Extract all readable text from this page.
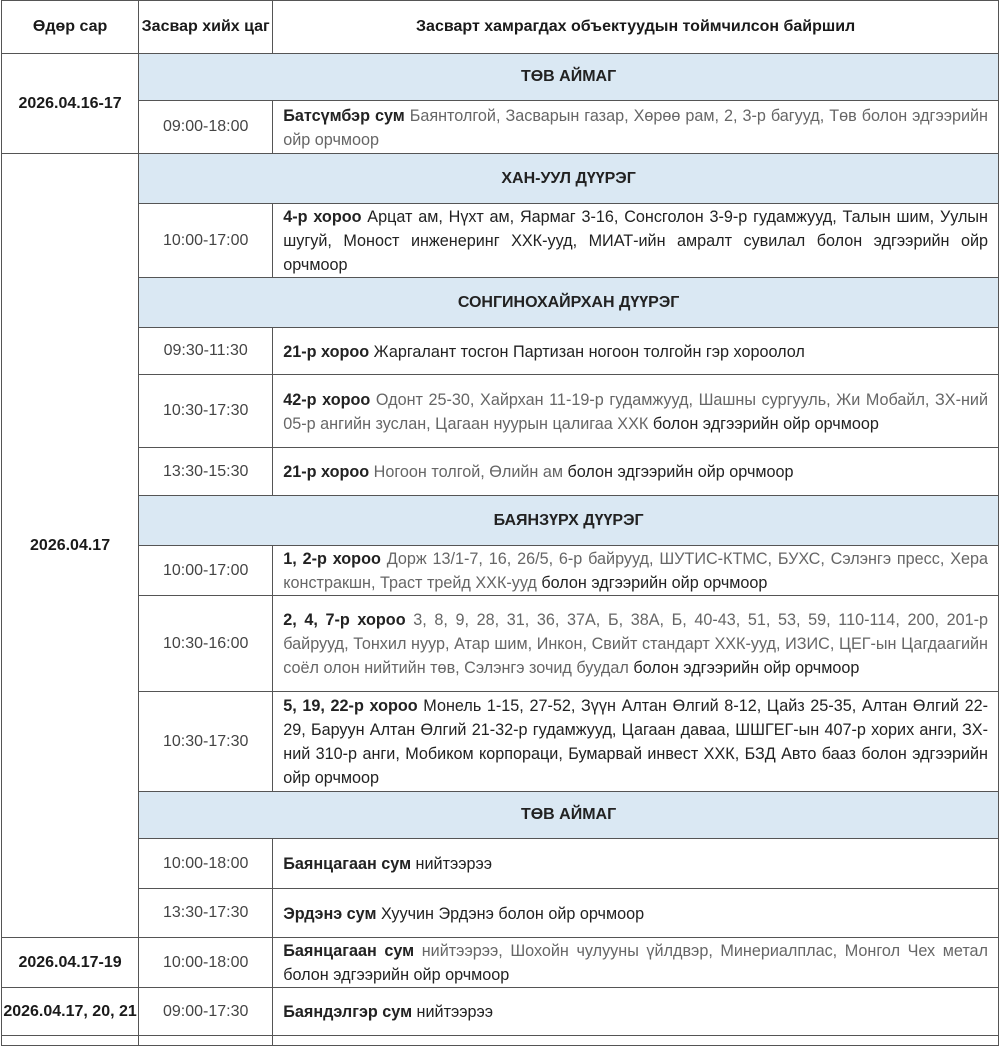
Өдөр сар	Засвар хийх цаг	Засварт хамрагдах объектуудын тоймчилсон байршил
2026.04.16-17	ТӨВ АЙМАГ	
	09:00-18:00	Батсүмбэр сум Баянтолгой, Засварын газар, Хөрөө рам, 2, 3-р багууд, Төв болон эдгээрийн ойр орчмоор
2026.04.17	ХАН-УУЛ ДҮҮРЭГ	
	10:00-17:00	4-р хороо Арцат ам, Нүхт ам, Яармаг 3-16, Сонсголон 3-9-р гудамжууд, Талын шим, Уулын шугуй, Моност инженеринг ХХК-ууд, МИАТ-ийн амралт сувилал болон эдгээрийн ойр орчмоор
	СОНГИНОХАЙРХАН ДҮҮРЭГ	
	09:30-11:30	21-р хороо Жаргалант тосгон Партизан ногоон толгойн гэр хороолол
	10:30-17:30	42-р хороо Одонт 25-30, Хайрхан 11-19-р гудамжууд, Шашны сургууль, Жи Мобайл, ЗХ-ний 05-р ангийн зуслан, Цагаан нуурын цалигаа ХХК болон эдгээрийн ойр орчмоор
	13:30-15:30	21-р хороо Ногоон толгой, Өлийн ам болон эдгээрийн ойр орчмоор
	БАЯНЗҮРХ ДҮҮРЭГ	
	10:00-17:00	1, 2-р хороо Дорж 13/1-7, 16, 26/5, 6-р байрууд, ШУТИС-КТМС, БУХС, Сэлэнгэ пресс, Хера констракшн, Траст трейд ХХК-ууд болон эдгээрийн ойр орчмоор
	10:30-16:00	2, 4, 7-р хороо 3, 8, 9, 28, 31, 36, 37А, Б, 38А, Б, 40-43, 51, 53, 59, 110-114, 200, 201-р байрууд, Тонхил нуур, Атар шим, Инкон, Свийт стандарт ХХК-ууд, ИЗИС, ЦЕГ-ын Цагдаагийн соёл олон нийтийн төв, Сэлэнгэ зочид буудал болон эдгээрийн ойр орчмоор
	10:30-17:30	5, 19, 22-р хороо Монель 1-15, 27-52, Зүүн Алтан Өлгий 8-12, Цайз 25-35, Алтан Өлгий 22-29, Баруун Алтан Өлгий 21-32-р гудамжууд, Цагаан даваа, ШШГЕГ-ын 407-р хорих анги, ЗХ-ний 310-р анги, Мобиком корпораци, Бумарвай инвест ХХК, БЗД Авто бааз болон эдгээрийн ойр орчмоор
	ТӨВ АЙМАГ	
	10:00-18:00	Баянцагаан сум нийтээрээ
	13:30-17:30	Эрдэнэ сум Хуучин Эрдэнэ болон ойр орчмоор

2026.04.17-19	10:00-18:00	Баянцагаан сум нийтээрээ, Шохойн чулууны үйлдвэр, Минериалплас, Монгол Чех метал болон эдгээрийн ойр орчмоор
2026.04.17, 20, 21	09:00-17:30	Баяндэлгэр сум нийтээрээ
